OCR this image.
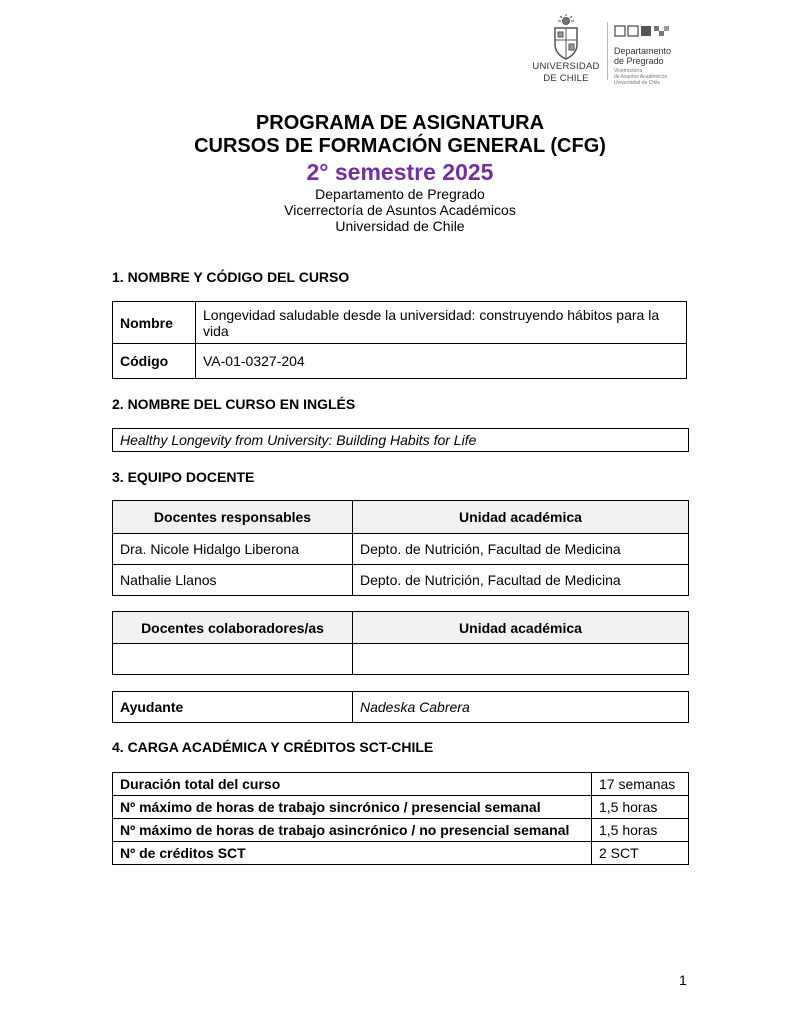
UNIVERSIDAD
DE CHILE
Departamento
de Pregrado
Vicerrectoría
de Asuntos Académicos
Universidad de Chile
PROGRAMA DE ASIGNATURA
CURSOS DE FORMACIÓN GENERAL (CFG)
2° semestre 2025
Departamento de Pregrado
Vicerrectoría de Asuntos Académicos
Universidad de Chile
1. NOMBRE Y CÓDIGO DEL CURSO
Nombre	Longevidad saludable desde la universidad: construyendo hábitos para la vida
Código	VA-01-0327-204
2. NOMBRE DEL CURSO EN INGLÉS
Healthy Longevity from University: Building Habits for Life
3. EQUIPO DOCENTE
Docentes responsables	Unidad académica
Dra. Nicole Hidalgo Liberona	Depto. de Nutrición, Facultad de Medicina
Nathalie Llanos	Depto. de Nutrición, Facultad de Medicina
Docentes colaboradores/as	Unidad académica

Ayudante	Nadeska Cabrera
4. CARGA ACADÉMICA Y CRÉDITOS SCT-CHILE
Duración total del curso	17 semanas
Nº máximo de horas de trabajo sincrónico / presencial semanal	1,5 horas
Nº máximo de horas de trabajo asincrónico / no presencial semanal	1,5 horas
Nº de créditos SCT	2 SCT
1
